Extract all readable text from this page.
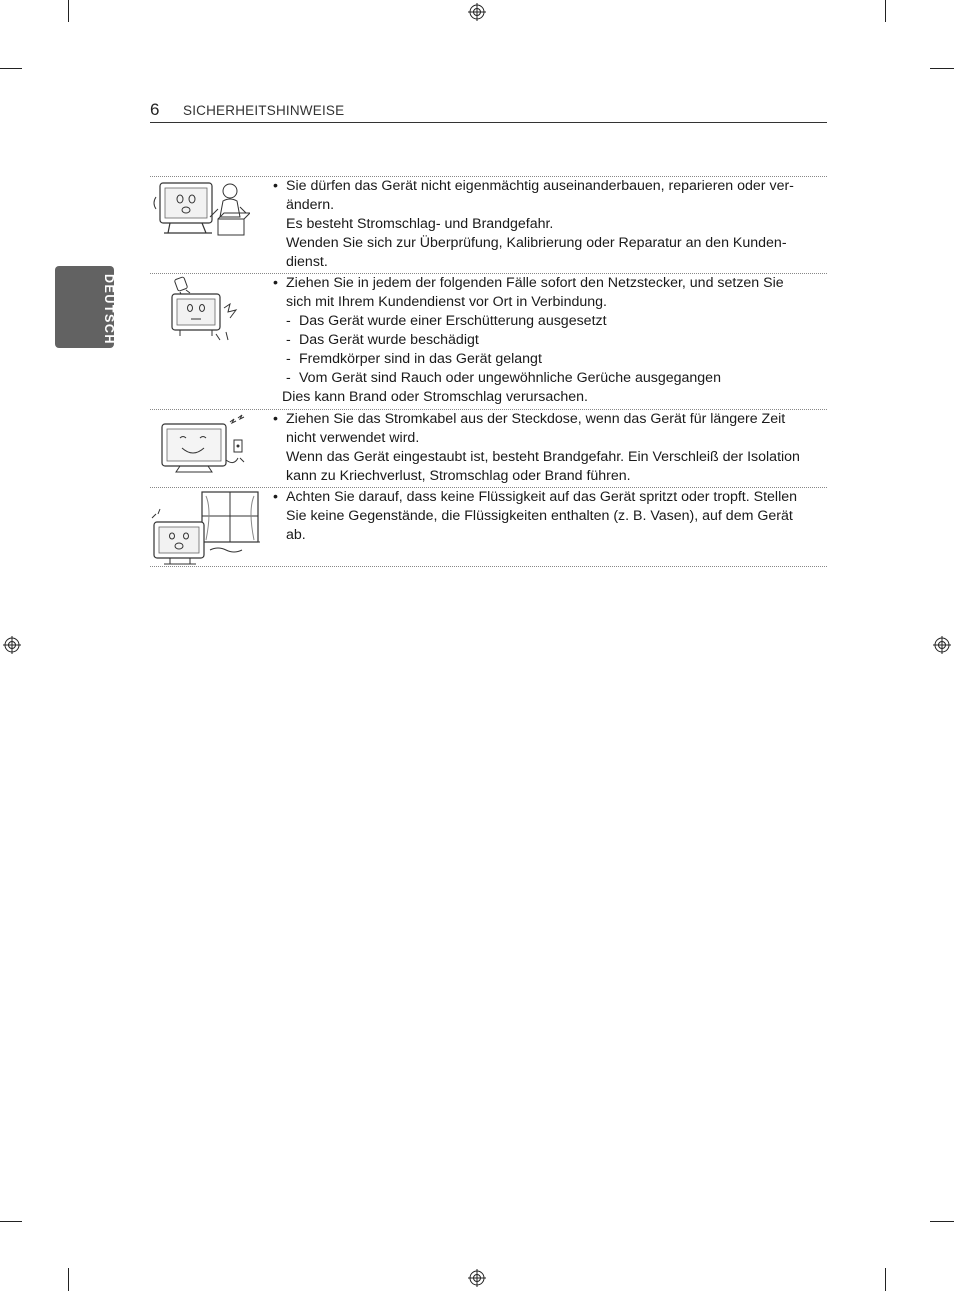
6 SICHERHEITSHINWEISE
DEUTSCH
• Sie dürfen das Gerät nicht eigenmächtig auseinanderbauen, reparieren oder ver-
ändern.
Es besteht Stromschlag- und Brandgefahr.
Wenden Sie sich zur Überprüfung, Kalibrierung oder Reparatur an den Kunden-
dienst.
• Ziehen Sie in jedem der folgenden Fälle sofort den Netzstecker, und setzen Sie
sich mit Ihrem Kundendienst vor Ort in Verbindung.
- Das Gerät wurde einer Erschütterung ausgesetzt
- Das Gerät wurde beschädigt
- Fremdkörper sind in das Gerät gelangt
- Vom Gerät sind Rauch oder ungewöhnliche Gerüche ausgegangen
Dies kann Brand oder Stromschlag verursachen.
• Ziehen Sie das Stromkabel aus der Steckdose, wenn das Gerät für längere Zeit
nicht verwendet wird.
Wenn das Gerät eingestaubt ist, besteht Brandgefahr. Ein Verschleiß der Isolation
kann zu Kriechverlust, Stromschlag oder Brand führen.
• Achten Sie darauf, dass keine Flüssigkeit auf das Gerät spritzt oder tropft. Stellen
Sie keine Gegenstände, die Flüssigkeiten enthalten (z. B. Vasen), auf dem Gerät
ab.
